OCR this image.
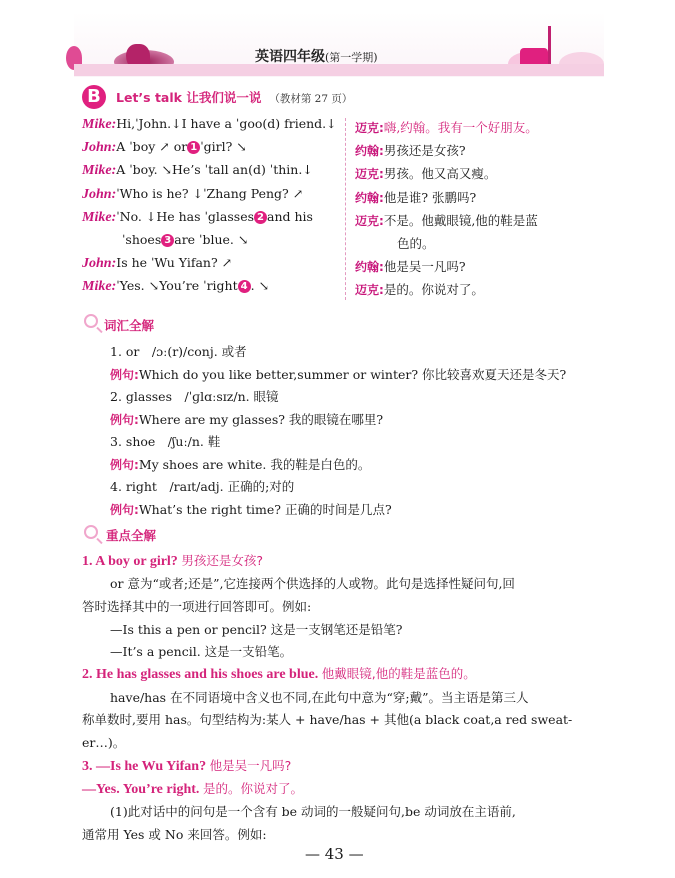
英语四年级(第一学期)
B	Let’s talk 让我们说一说 （教材第 27 页）
Mike:Hi,ˈJohn.↓I have a ˈgoo(d) friend.↓
John:A ˈboy ↗ or 1 ˈgirl? ↘
Mike:A ˈboy. ↘He’s ˈtall an(d) ˈthin.↓
John:ˈWho is he? ↓ˈZhang Peng? ↗
Mike:ˈNo. ↓He has ˈglasses 2 and his
ˈshoes 3 are ˈblue. ↘
John:Is he ˈWu Yifan? ↗
Mike:ˈYes. ↘You’re ˈright 4 . ↘
迈克:嗨,约翰。我有一个好朋友。
约翰:男孩还是女孩?
迈克:男孩。他又高又瘦。
约翰:他是谁? 张鹏吗?
迈克:不是。他戴眼镜,他的鞋是蓝
色的。
约翰:他是吴一凡吗?
迈克:是的。你说对了。
词汇全解
1. or　/ɔː(r)/conj. 或者
例句:Which do you like better,summer or winter? 你比较喜欢夏天还是冬天?
2. glasses　/ˈɡlɑːsɪz/n. 眼镜
例句:Where are my glasses? 我的眼镜在哪里?
3. shoe　/ʃuː/n. 鞋
例句:My shoes are white. 我的鞋是白色的。
4. right　/raɪt/adj. 正确的;对的
例句:What’s the right time? 正确的时间是几点?
重点全解
1. A boy or girl? 男孩还是女孩?
or 意为“或者;还是”,它连接两个供选择的人或物。此句是选择性疑问句,回
答时选择其中的一项进行回答即可。例如:
—Is this a pen or pencil? 这是一支钢笔还是铅笔?
—It’s a pencil. 这是一支铅笔。
2. He has glasses and his shoes are blue. 他戴眼镜,他的鞋是蓝色的。
have/has 在不同语境中含义也不同,在此句中意为“穿;戴”。当主语是第三人
称单数时,要用 has。句型结构为:某人 + have/has + 其他(a black coat,a red sweat-
er…)。
3. —Is he Wu Yifan? 他是吴一凡吗?
—Yes. You’re right. 是的。你说对了。
(1)此对话中的问句是一个含有 be 动词的一般疑问句,be 动词放在主语前,
通常用 Yes 或 No 来回答。例如:
— 43 —
